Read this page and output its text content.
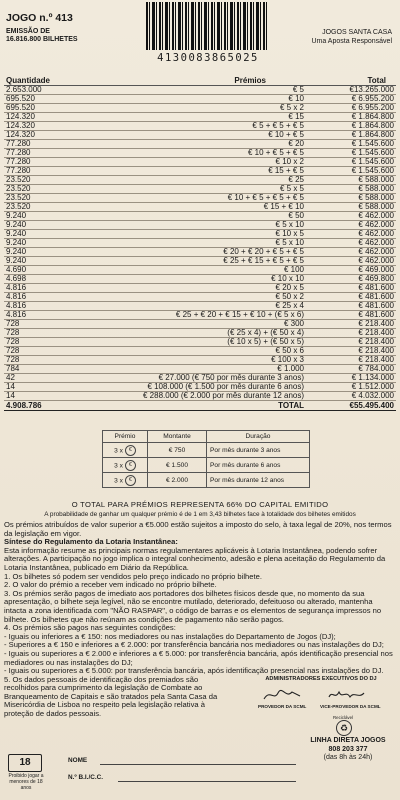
JOGO n.º 413
EMISSÃO DE
16.816.800 BILHETES
4130083865025
JOGOS SANTA CASA
Uma Aposta Responsável
Quantidade	Prémios	Total
2.653.000	€ 5	€13.265.000
695.520	€ 10	€ 6.955.200
695.520	€ 5 x 2	€ 6.955.200
124.320	€ 15	€ 1.864.800
124.320	€ 5 + € 5 + € 5	€ 1.864.800
124.320	€ 10 + € 5	€ 1.864.800
77.280	€ 20	€ 1.545.600
77.280	€ 10 + € 5 + € 5	€ 1.545.600
77.280	€ 10 x 2	€ 1.545.600
77.280	€ 15 + € 5	€ 1.545.600
23.520	€ 25	€ 588.000
23.520	€ 5 x 5	€ 588.000
23.520	€ 10 + € 5 + € 5 + € 5	€ 588.000
23.520	€ 15 + € 10	€ 588.000
9.240	€ 50	€ 462.000
9.240	€ 5 x 10	€ 462.000
9.240	€ 10 x 5	€ 462.000
9.240	€ 5 x 10	€ 462.000
9.240	€ 20 + € 20 + € 5 + € 5	€ 462.000
9.240	€ 25 + € 15 + € 5 + € 5	€ 462.000
4.690	€ 100	€ 469.000
4.698	€ 10 x 10	€ 469.800
4.816	€ 20 x 5	€ 481.600
4.816	€ 50 x 2	€ 481.600
4.816	€ 25 x 4	€ 481.600
4.816	€ 25 + € 20 + € 15 + € 10 + (€ 5 x 6)	€ 481.600
728	€ 300	€ 218.400
728	(€ 25 x 4) + (€ 50 x 4)	€ 218.400
728	(€ 10 x 5) + (€ 50 x 5)	€ 218.400
728	€ 50 x 6	€ 218.400
728	€ 100 x 3	€ 218.400
784	€ 1.000	€ 784.000
42	€ 27.000 (€ 750 por mês durante 3 anos)	€ 1.134.000
14	€ 108.000 (€ 1.500 por mês durante 6 anos)	€ 1.512.000
14	€ 288.000 (€ 2.000 por mês durante 12 anos)	€ 4.032.000
4.908.786	TOTAL	€55.495.400
Prémio	Montante	Duração
3 x €	€ 750	Por mês durante 3 anos
3 x €	€ 1.500	Por mês durante 6 anos
3 x €	€ 2.000	Por mês durante 12 anos
O TOTAL PARA PRÉMIOS REPRESENTA 66% DO CAPITAL EMITIDO
A probabilidade de ganhar um qualquer prémio é de 1 em 3,43 bilhetes face à totalidade dos bilhetes emitidos

Os prémios atribuídos de valor superior a €5.000 estão sujeitos a imposto do selo, à taxa legal de 20%, nos termos da legislação em vigor.

Síntese do Regulamento da Lotaria Instantânea:

Esta informação resume as principais normas regulamentares aplicáveis à Lotaria Instantânea, podendo sofrer alterações. A participação no jogo implica o integral conhecimento, adesão e plena aceitação do Regulamento da Lotaria Instantânea, publicado em Diário da República.

1. Os bilhetes só podem ser vendidos pelo preço indicado no próprio bilhete.

2. O valor do prémio a receber vem indicado no próprio bilhete.

3. Os prémios serão pagos de imediato aos portadores dos bilhetes físicos desde que, no momento da sua apresentação, o bilhete seja legível, não se encontre mutilado, deteriorado, defeituoso ou alterado, mantenha intacta a zona identificada com "NÃO RASPAR", o código de barras e os elementos de segurança impressos no bilhete. Os bilhetes que não reúnam as condições de pagamento não serão pagos.

4. Os prémios são pagos nas seguintes condições:

- Iguais ou inferiores a € 150: nos mediadores ou nas instalações do Departamento de Jogos (DJ);

- Superiores a € 150 e inferiores a € 2.000: por transferência bancária nos mediadores ou nas instalações do DJ;

- Iguais ou superiores a € 2.000 e inferiores a € 5.000: por transferência bancária, após identificação presencial nos mediadores ou nas instalações do DJ;

- Iguais ou superiores a € 5.000: por transferência bancária, após identificação presencial nas instalações do DJ.

5. Os dados pessoais de identificação dos premiados são recolhidos para cumprimento da legislação de Combate ao Branqueamento de Capitais e são tratados pela Santa Casa da Misericórdia de Lisboa no respeito pela legislação relativa à proteção de dados pessoais.

ADMINISTRADORES EXECUTIVOS DO DJ
PROVEDOR DA SCML	VICE-PROVEDOR DA SCML
Reciclável
♻
LINHA DIRETA JOGOS
808 203 377
(das 8h às 24h)
18
Proibido jogar a menores de 18 anos
NOME
N.º B.I./C.C.
